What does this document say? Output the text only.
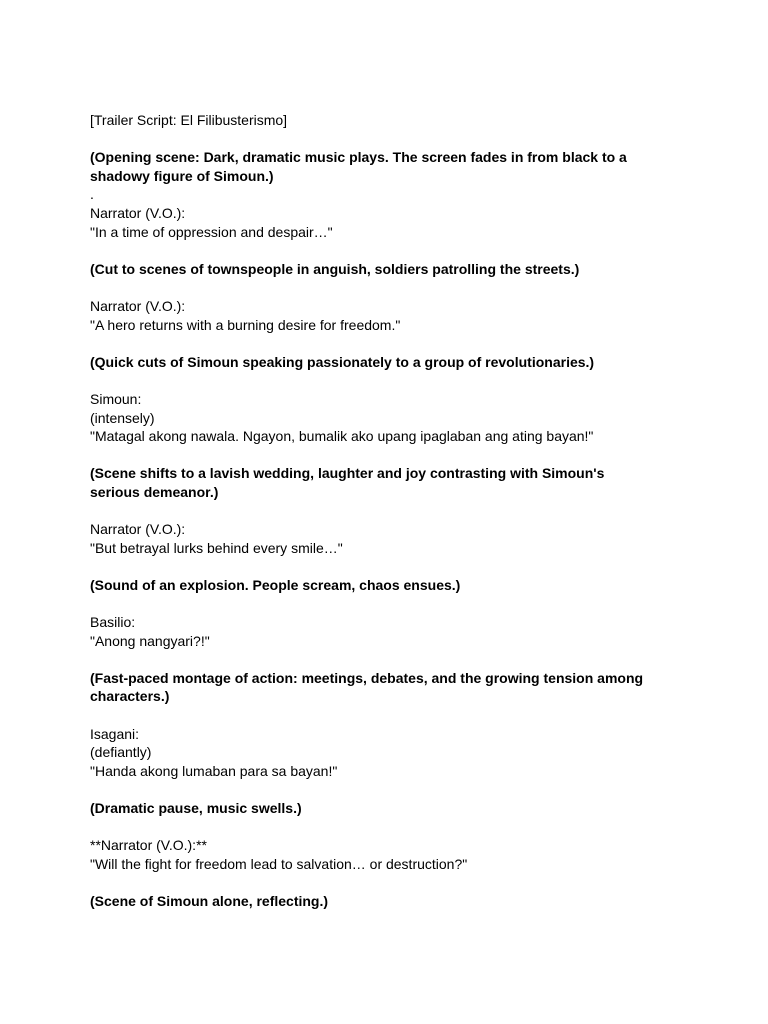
[Trailer Script: El Filibusterismo]

(Opening scene: Dark, dramatic music plays. The screen fades in from black to a shadowy figure of Simoun.)

.

Narrator (V.O.):

"In a time of oppression and despair…"

(Cut to scenes of townspeople in anguish, soldiers patrolling the streets.)

Narrator (V.O.):

"A hero returns with a burning desire for freedom."

(Quick cuts of Simoun speaking passionately to a group of revolutionaries.)

Simoun:

(intensely)

"Matagal akong nawala. Ngayon, bumalik ako upang ipaglaban ang ating bayan!"

(Scene shifts to a lavish wedding, laughter and joy contrasting with Simoun's serious demeanor.)

Narrator (V.O.):

"But betrayal lurks behind every smile…"

(Sound of an explosion. People scream, chaos ensues.)

Basilio:

"Anong nangyari?!"

(Fast-paced montage of action: meetings, debates, and the growing tension among characters.)

Isagani:

(defiantly)

"Handa akong lumaban para sa bayan!"

(Dramatic pause, music swells.)

**Narrator (V.O.):**

"Will the fight for freedom lead to salvation… or destruction?"

(Scene of Simoun alone, reflecting.)
